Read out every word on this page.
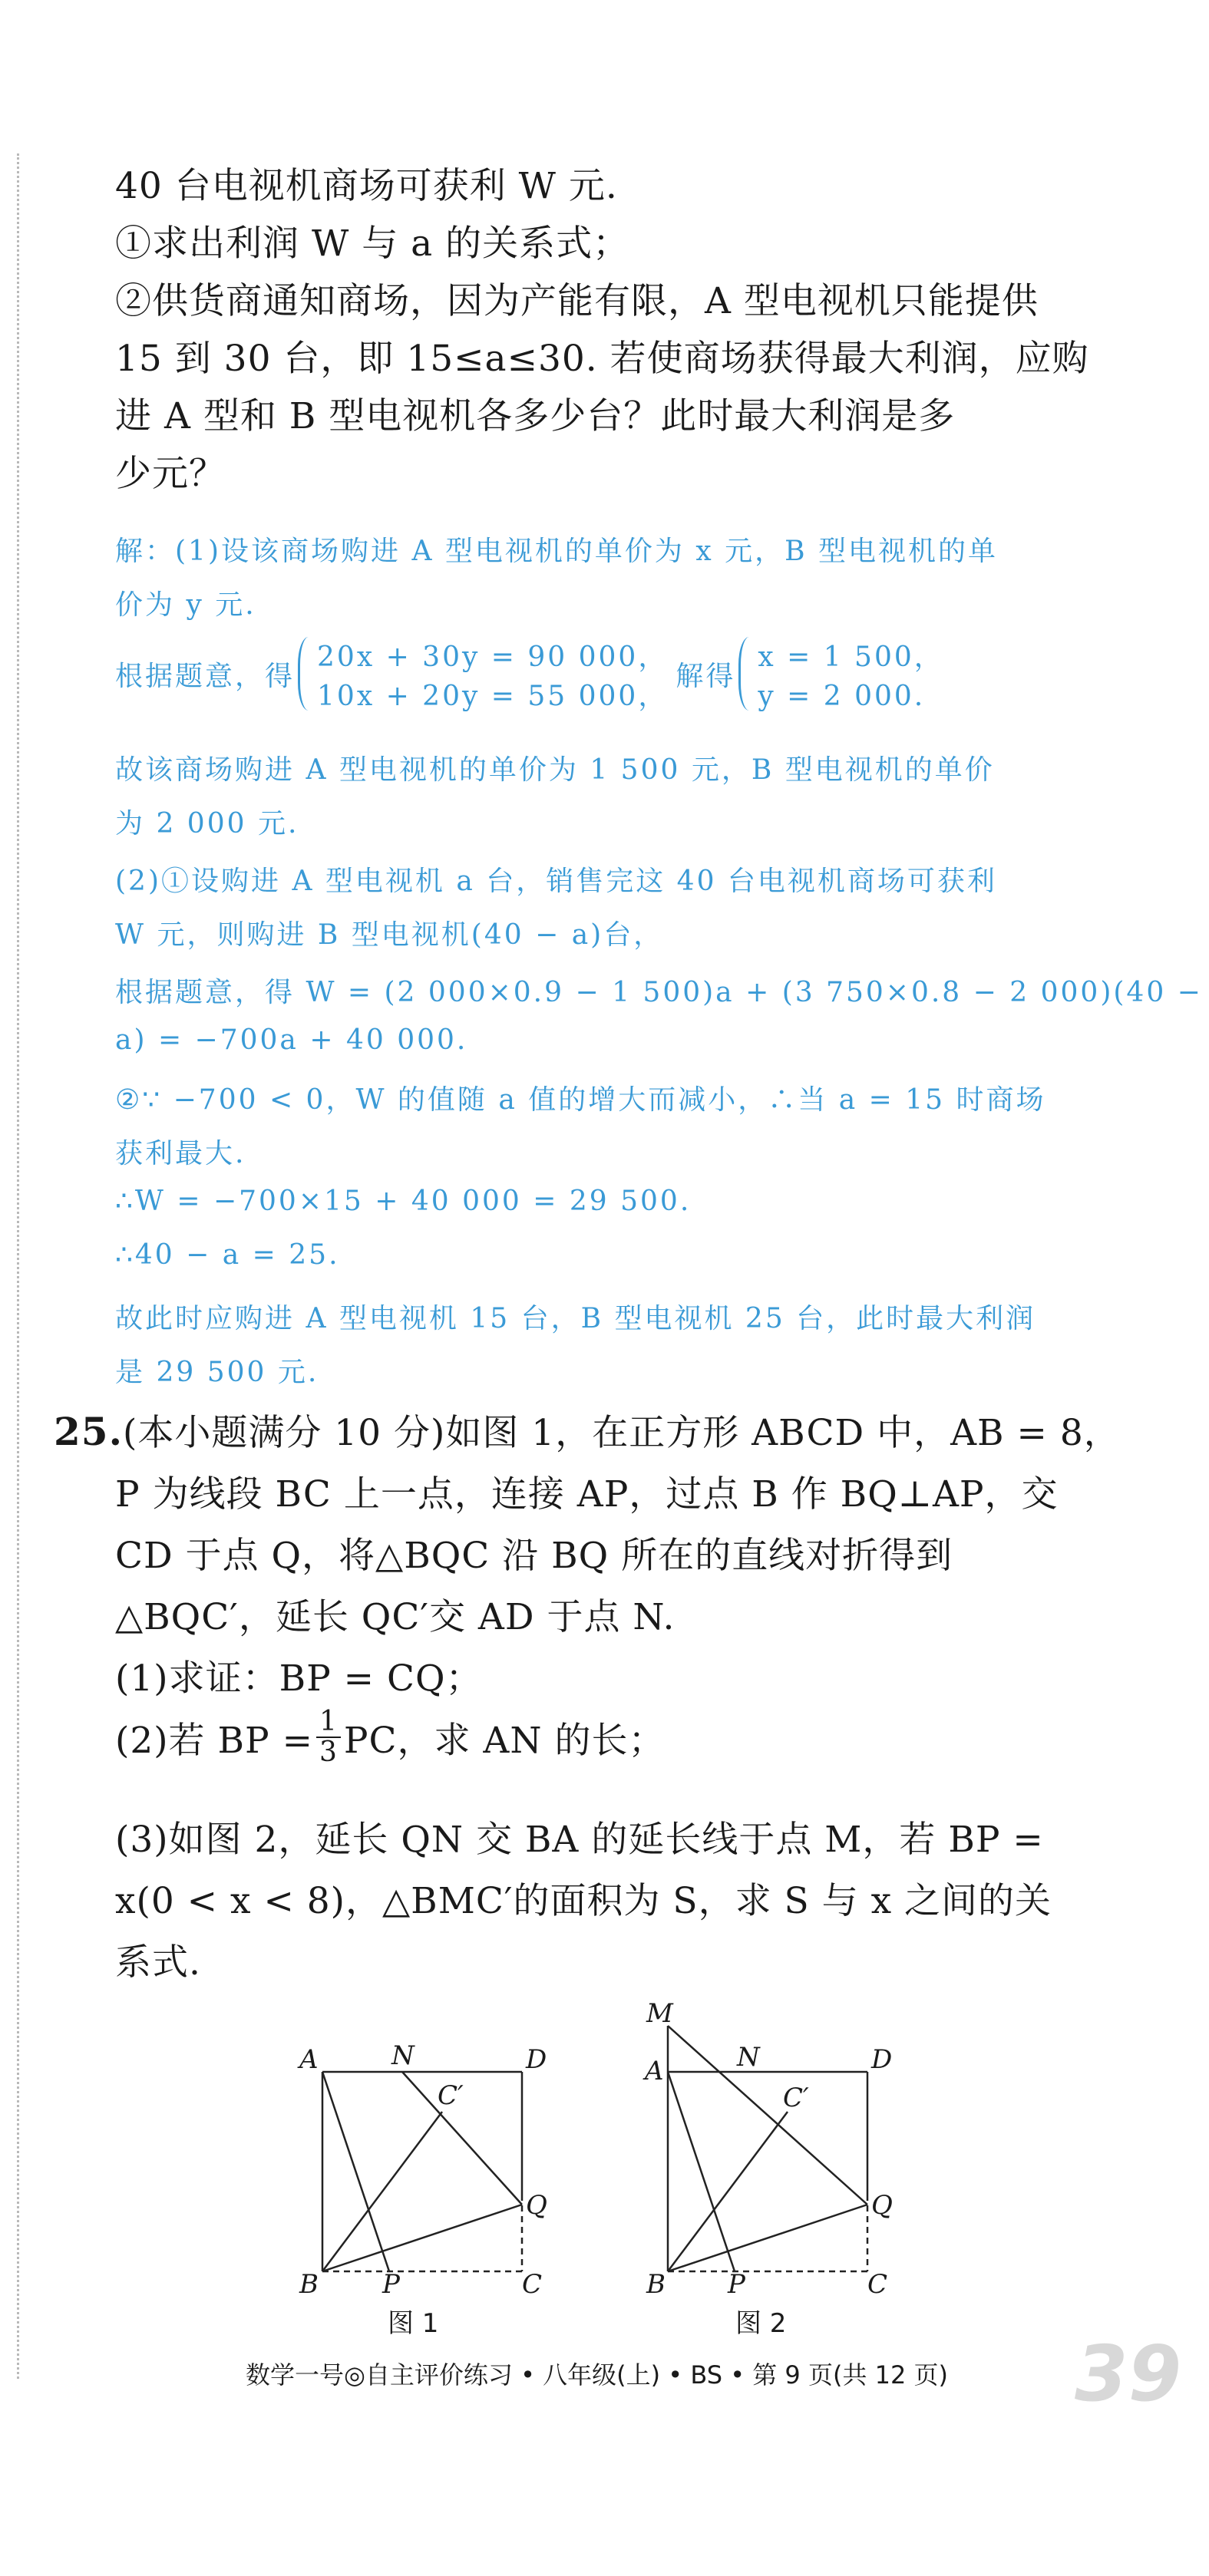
40 台电视机商场可获利 W 元.
①求出利润 W 与 a 的关系式；
②供货商通知商场，因为产能有限，A 型电视机只能提供
15 到 30 台，即 15≤a≤30. 若使商场获得最大利润，应购
进 A 型和 B 型电视机各多少台？此时最大利润是多
少元？
解：(1)设该商场购进 A 型电视机的单价为 x 元，B 型电视机的单
价为 y 元.
根据题意，得
20x + 30y = 90 000，
10x + 20y = 55 000，
解得
x = 1 500，
y = 2 000.
故该商场购进 A 型电视机的单价为 1 500 元，B 型电视机的单价
为 2 000 元.
(2)①设购进 A 型电视机 a 台，销售完这 40 台电视机商场可获利
W 元，则购进 B 型电视机(40 − a)台，
根据题意，得 W = (2 000×0.9 − 1 500)a + (3 750×0.8 − 2 000)(40 −
a) = −700a + 40 000.
②∵ −700 < 0，W 的值随 a 值的增大而减小，∴当 a = 15 时商场
获利最大.
∴W = −700×15 + 40 000 = 29 500.
∴40 − a = 25.
故此时应购进 A 型电视机 15 台，B 型电视机 25 台，此时最大利润
是 29 500 元.
25.(本小题满分 10 分)如图 1，在正方形 ABCD 中，AB = 8，
P 为线段 BC 上一点，连接 AP，过点 B 作 BQ⊥AP，交
CD 于点 Q，将△BQC 沿 BQ 所在的直线对折得到
△BQC′，延长 QC′交 AD 于点 N.
(1)求证：BP = CQ；
(2)若 BP = $\frac{1}{3}$ PC，求 AN 的长；
(3)如图 2，延长 QN 交 BA 的延长线于点 M，若 BP =
x(0 < x < 8)，△BMC′的面积为 S，求 S 与 x 之间的关
系式.
A	N	D
C′
Q
B P	C
图 1
M
A	N	D
C′
Q
B P	C
图 2
数学一号◎自主评价练习 • 八年级(上) • BS • 第 9 页(共 12 页) 39
